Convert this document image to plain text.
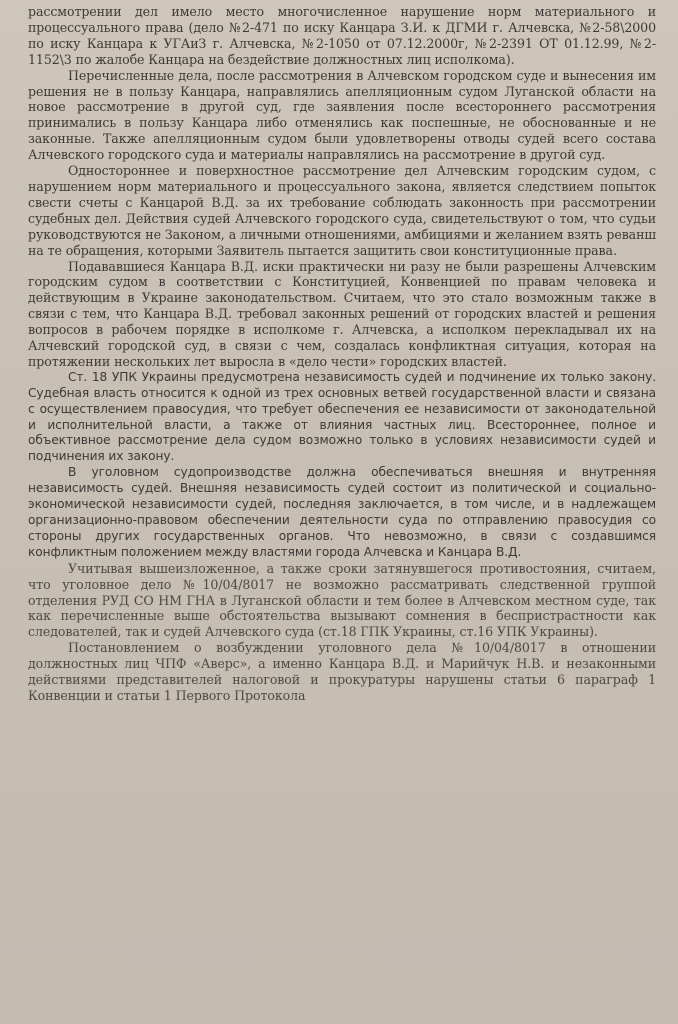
рассмотрении дел имело место многочисленное нарушение норм материального и процессуального права (дело №2-471 по иску Канцара З.И. к ДГМИ г. Алчевска, №2-58\2000 по иску Канцара к УГАиЗ г. Алчевска, №2-1050 от 07.12.2000г, №2-2391 ОТ 01.12.99, №2-1152\3 по жалобе Канцара на бездействие должностных лиц исполкома).

Перечисленные дела, после рассмотрения в Алчевском городском суде и вынесения им решения не в пользу Канцара, направлялись апелляционным судом Луганской области на новое рассмотрение в другой суд, где заявления после всестороннего рассмотрения принимались в пользу Канцара либо отменялись как поспешные, не обоснованные и не законные. Также апелляционным судом были удовлетворены отводы судей всего состава Алчевского городского суда и материалы направлялись на рассмотрение в другой суд.

Одностороннее и поверхностное рассмотрение дел Алчевским городским судом, с нарушением норм материального и процессуального закона, является следствием попыток свести счеты с Канцарой В.Д. за их требование соблюдать законность при рассмотрении судебных дел. Действия судей Алчевского городского суда, свидетельствуют о том, что судьи руководствуются не Законом, а личными отношениями, амбициями и желанием взять реванш на те обращения, которыми Заявитель пытается защитить свои конституционные права.

Подававшиеся Канцара В.Д. иски практически ни разу не были разрешены Алчевским городским судом в соответствии с Конституцией, Конвенцией по правам человека и действующим в Украине законодательством. Считаем, что это стало возможным также в связи с тем, что Канцара В.Д. требовал законных решений от городских властей и решения вопросов в рабочем порядке в исполкоме г. Алчевска, а исполком перекладывал их на Алчевский городской суд, в связи с чем, создалась конфликтная ситуация, которая на протяжении нескольких лет выросла в «дело чести» городских властей.

Ст. 18 УПК Украины предусмотрена независимость судей и подчинение их только закону. Судебная власть относится к одной из трех основных ветвей государственной власти и связана с осуществлением правосудия, что требует обеспечения ее независимости от законодательной и исполнительной власти, а также от влияния частных лиц. Всестороннее, полное и объективное рассмотрение дела судом возможно только в условиях независимости судей и подчинения их закону.

В уголовном судопроизводстве должна обеспечиваться внешняя и внутренняя независимость судей. Внешняя независимость судей состоит из политической и социально-экономической независимости судей, последняя заключается, в том числе, и в надлежащем организационно-правовом обеспечении деятельности суда по отправлению правосудия со стороны других государственных органов. Что невозможно, в связи с создавшимся конфликтным положением между властями города Алчевска и Канцара В.Д.

Учитывая вышеизложенное, а также сроки затянувшегося противостояния, считаем, что уголовное дело №10/04/8017 не возможно рассматривать следственной группой отделения РУД СО НМ ГНА в Луганской области и тем более в Алчевском местном суде, так как перечисленные выше обстоятельства вызывают сомнения в беспристрастности как следователей, так и судей Алчевского суда (ст.18 ГПК Украины, ст.16 УПК Украины).

Постановлением о возбуждении уголовного дела №10/04/8017 в отношении должностных лиц ЧПФ «Аверс», а именно Канцара В.Д. и Марийчук Н.В. и незаконными действиями представителей налоговой и прокуратуры нарушены статьи 6 параграф 1 Конвенции и статьи 1 Первого Протокола
